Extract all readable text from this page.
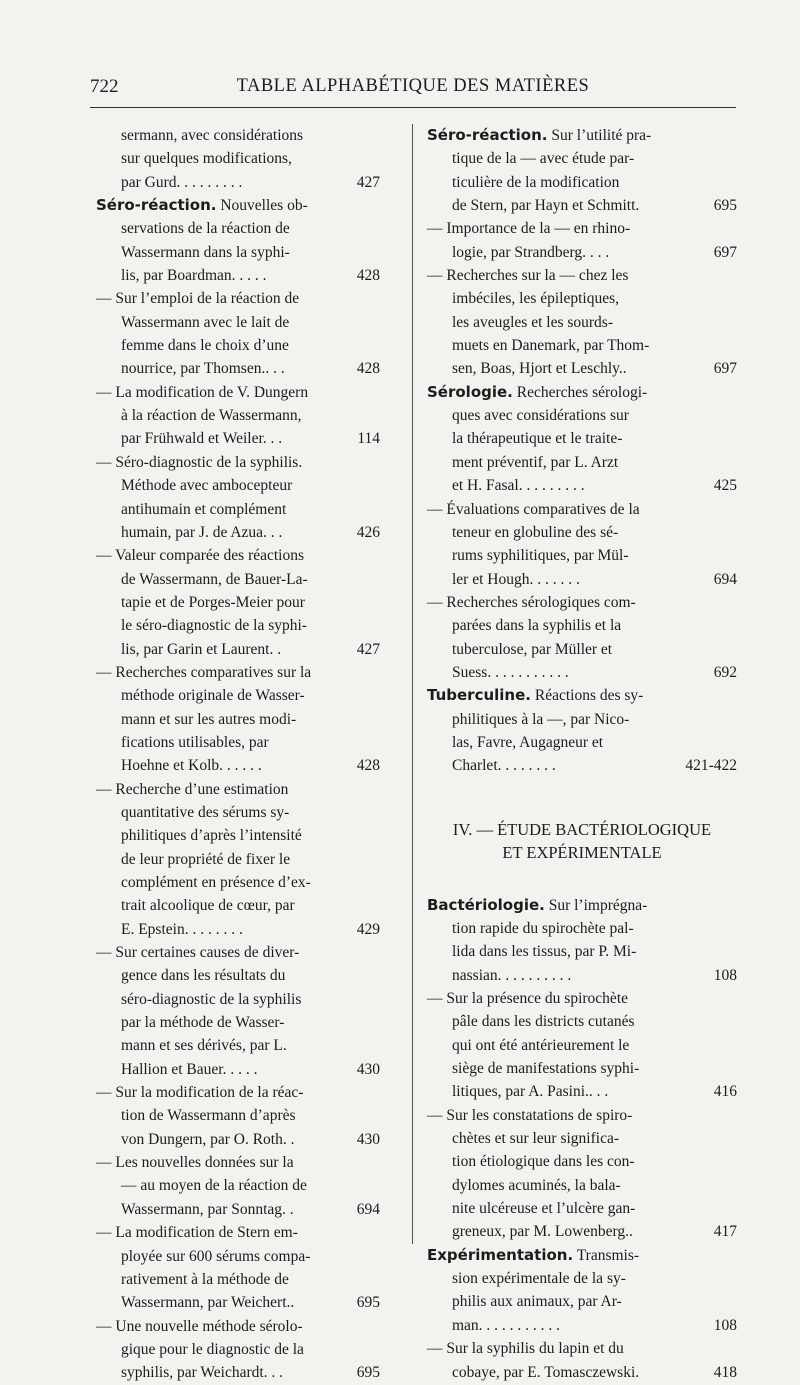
722	TABLE ALPHABÉTIQUE DES MATIÈRES
sermann, avec considérations
sur quelques modifications,
par Gurd. . . . . . . . .	427
Séro-réaction. Nouvelles ob-
servations de la réaction de
Wassermann dans la syphi-
lis, par Boardman. . . . .	428
— Sur l’emploi de la réaction de
Wassermann avec le lait de
femme dans le choix d’une
nourrice, par Thomsen.. . .	428
— La modification de V. Dungern
à la réaction de Wassermann,
par Frühwald et Weiler. . .	114
— Séro-diagnostic de la syphilis.
Méthode avec ambocepteur
antihumain et complément
humain, par J. de Azua. . .	426
— Valeur comparée des réactions
de Wassermann, de Bauer-La-
tapie et de Porges-Meier pour
le séro-diagnostic de la syphi-
lis, par Garin et Laurent. .	427
— Recherches comparatives sur la
méthode originale de Wasser-
mann et sur les autres modi-
fications utilisables, par
Hoehne et Kolb. . . . . .	428
— Recherche d’une estimation
quantitative des sérums sy-
philitiques d’après l’intensité
de leur propriété de fixer le
complément en présence d’ex-
trait alcoolique de cœur, par
E. Epstein. . . . . . . .	429
— Sur certaines causes de diver-
gence dans les résultats du
séro-diagnostic de la syphilis
par la méthode de Wasser-
mann et ses dérivés, par L.
Hallion et Bauer. . . . .	430
— Sur la modification de la réac-
tion de Wassermann d’après
von Dungern, par O. Roth. .	430
— Les nouvelles données sur la
— au moyen de la réaction de
Wassermann, par Sonntag. .	694
— La modification de Stern em-
ployée sur 600 sérums compa-
rativement à la méthode de
Wassermann, par Weichert..	695
— Une nouvelle méthode sérolo-
gique pour le diagnostic de la
syphilis, par Weichardt. . .	695
Séro-réaction. Sur l’utilité pra-
tique de la — avec étude par-
ticulière de la modification
de Stern, par Hayn et Schmitt.	695
— Importance de la — en rhino-
logie, par Strandberg. . . .	697
— Recherches sur la — chez les
imbéciles, les épileptiques,
les aveugles et les sourds-
muets en Danemark, par Thom-
sen, Boas, Hjort et Leschly..	697
Sérologie. Recherches sérologi-
ques avec considérations sur
la thérapeutique et le traite-
ment préventif, par L. Arzt
et H. Fasal. . . . . . . . .	425
— Évaluations comparatives de la
teneur en globuline des sé-
rums syphilitiques, par Mül-
ler et Hough. . . . . . .	694
— Recherches sérologiques com-
parées dans la syphilis et la
tuberculose, par Müller et
Suess. . . . . . . . . . .	692
Tuberculine. Réactions des sy-
philitiques à la —, par Nico-
las, Favre, Augagneur et
Charlet. . . . . . . .	421-422
IV. — ÉTUDE BACTÉRIOLOGIQUE
ET EXPÉRIMENTALE
Bactériologie. Sur l’imprégna-
tion rapide du spirochète pal-
lida dans les tissus, par P. Mi-
nassian. . . . . . . . . .	108
— Sur la présence du spirochète
pâle dans les districts cutanés
qui ont été antérieurement le
siège de manifestations syphi-
litiques, par A. Pasini.. . .	416
— Sur les constatations de spiro-
chètes et sur leur significa-
tion étiologique dans les con-
dylomes acuminés, la bala-
nite ulcéreuse et l’ulcère gan-
greneux, par M. Lowenberg..	417
Expérimentation. Transmis-
sion expérimentale de la sy-
philis aux animaux, par Ar-
man. . . . . . . . . . .	108
— Sur la syphilis du lapin et du
cobaye, par E. Tomasczewski.	418
